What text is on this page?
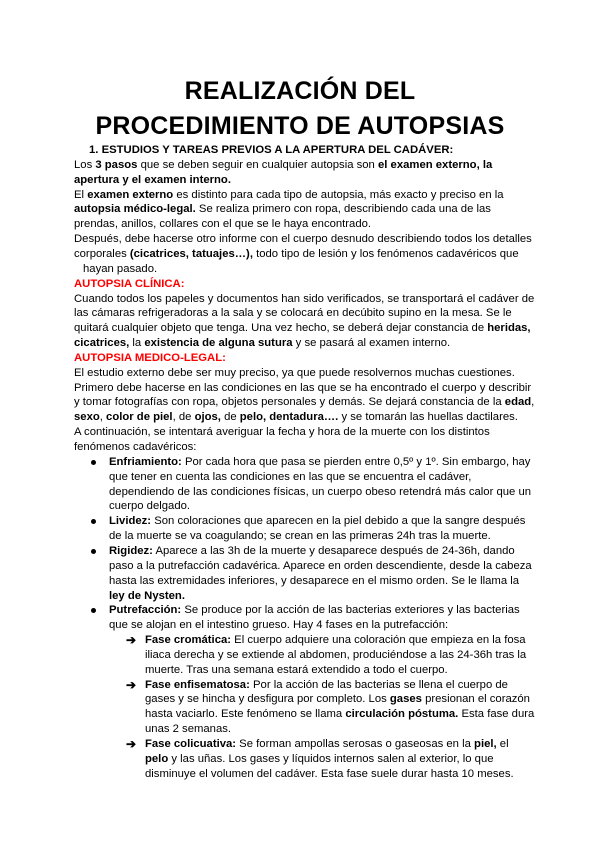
REALIZACIÓN DEL
PROCEDIMIENTO DE AUTOPSIAS
1. ESTUDIOS Y TAREAS PREVIOS A LA APERTURA DEL CADÁVER:
Los 3 pasos que se deben seguir en cualquier autopsia son el examen externo, la
apertura y el examen interno.
El examen externo es distinto para cada tipo de autopsia, más exacto y preciso en la
autopsia médico-legal. Se realiza primero con ropa, describiendo cada una de las
prendas, anillos, collares con el que se le haya encontrado.
Después, debe hacerse otro informe con el cuerpo desnudo describiendo todos los detalles
corporales (cicatrices, tatuajes…), todo tipo de lesión y los fenómenos cadavéricos que
hayan pasado.
AUTOPSIA CLÍNICA:
Cuando todos los papeles y documentos han sido verificados, se transportará el cadáver de
las cámaras refrigeradoras a la sala y se colocará en decúbito supino en la mesa. Se le
quitará cualquier objeto que tenga. Una vez hecho, se deberá dejar constancia de heridas,
cicatrices, la existencia de alguna sutura y se pasará al examen interno.
AUTOPSIA MEDICO-LEGAL:
El estudio externo debe ser muy preciso, ya que puede resolvernos muchas cuestiones.
Primero debe hacerse en las condiciones en las que se ha encontrado el cuerpo y describir
y tomar fotografías con ropa, objetos personales y demás. Se dejará constancia de la edad,
sexo, color de piel, de ojos, de pelo, dentadura…. y se tomarán las huellas dactilares.
A continuación, se intentará averiguar la fecha y hora de la muerte con los distintos
fenómenos cadavéricos:
Enfriamiento: Por cada hora que pasa se pierden entre 0,5º y 1º. Sin embargo, hay
que tener en cuenta las condiciones en las que se encuentra el cadáver,
dependiendo de las condiciones físicas, un cuerpo obeso retendrá más calor que un
cuerpo delgado.
Lividez: Son coloraciones que aparecen en la piel debido a que la sangre después
de la muerte se va coagulando; se crean en las primeras 24h tras la muerte.
Rigidez: Aparece a las 3h de la muerte y desaparece después de 24-36h, dando
paso a la putrefacción cadavérica. Aparece en orden descendiente, desde la cabeza
hasta las extremidades inferiores, y desaparece en el mismo orden. Se le llama la
ley de Nysten.
Putrefacción: Se produce por la acción de las bacterias exteriores y las bacterias
que se alojan en el intestino grueso. Hay 4 fases en la putrefacción:
➔ Fase cromática: El cuerpo adquiere una coloración que empieza en la fosa
iliaca derecha y se extiende al abdomen, produciéndose a las 24-36h tras la
muerte. Tras una semana estará extendido a todo el cuerpo.
➔ Fase enfisematosa: Por la acción de las bacterias se llena el cuerpo de
gases y se hincha y desfigura por completo. Los gases presionan el corazón
hasta vaciarlo. Este fenómeno se llama circulación póstuma. Esta fase dura
unas 2 semanas.
➔ Fase colicuativa: Se forman ampollas serosas o gaseosas en la piel, el
pelo y las uñas. Los gases y líquidos internos salen al exterior, lo que
disminuye el volumen del cadáver. Esta fase suele durar hasta 10 meses.
